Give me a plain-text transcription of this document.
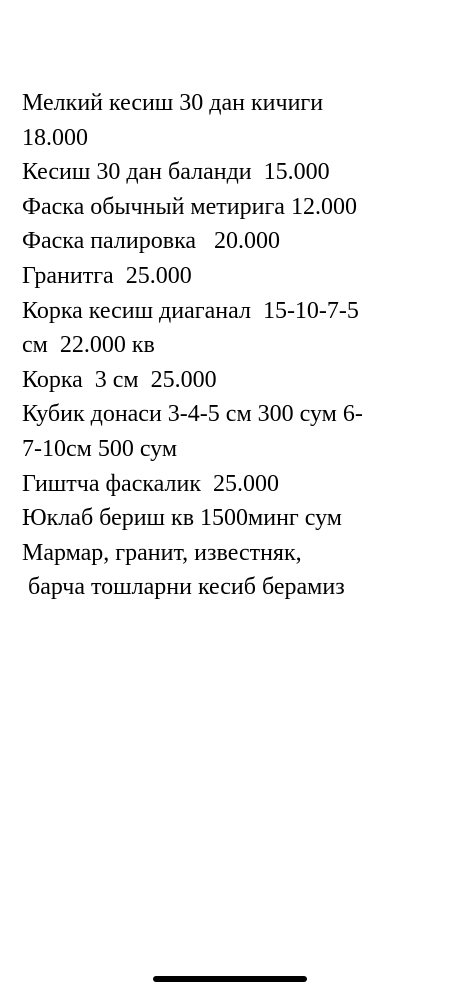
Мелкий кесиш 30 дан кичиги
18.000
Кесиш 30 дан баланди  15.000
Фаска обычный метирига 12.000
Фаска палировка   20.000
Гранитга  25.000
Корка кесиш диаганал  15-10-7-5
см  22.000 кв
Корка  3 см  25.000
Кубик донаси 3-4-5 см 300 сум 6-
7-10см 500 сум
Гиштча фаскалик  25.000
Юклаб бериш кв 1500минг сум
Мармар, гранит, известняк,
барча тошларни кесиб берамиз
